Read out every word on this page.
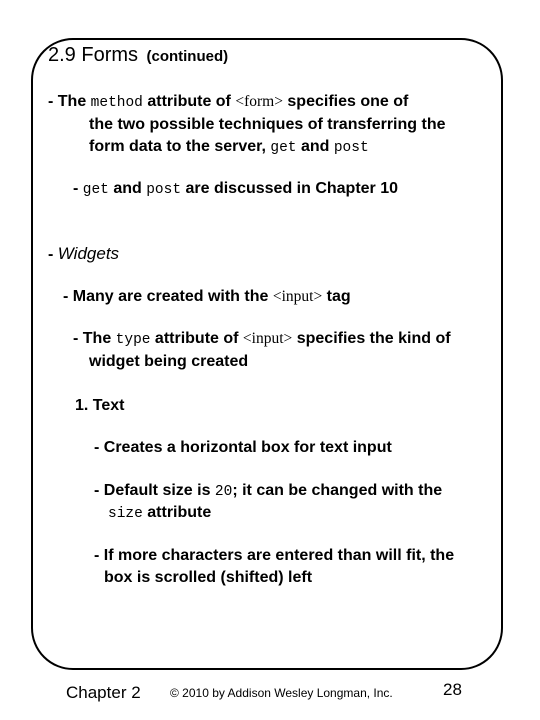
2.9 Forms (continued)
- The method attribute of <form> specifies one of
the two possible techniques of transferring the
form data to the server, get and post
- get and post are discussed in Chapter 10
- Widgets
- Many are created with the <input> tag
- The type attribute of <input> specifies the kind of
widget being created
1. Text
- Creates a horizontal box for text input
- Default size is 20; it can be changed with the
size attribute
- If more characters are entered than will fit, the
box is scrolled (shifted) left
Chapter 2 © 2010 by Addison Wesley Longman, Inc.	28
